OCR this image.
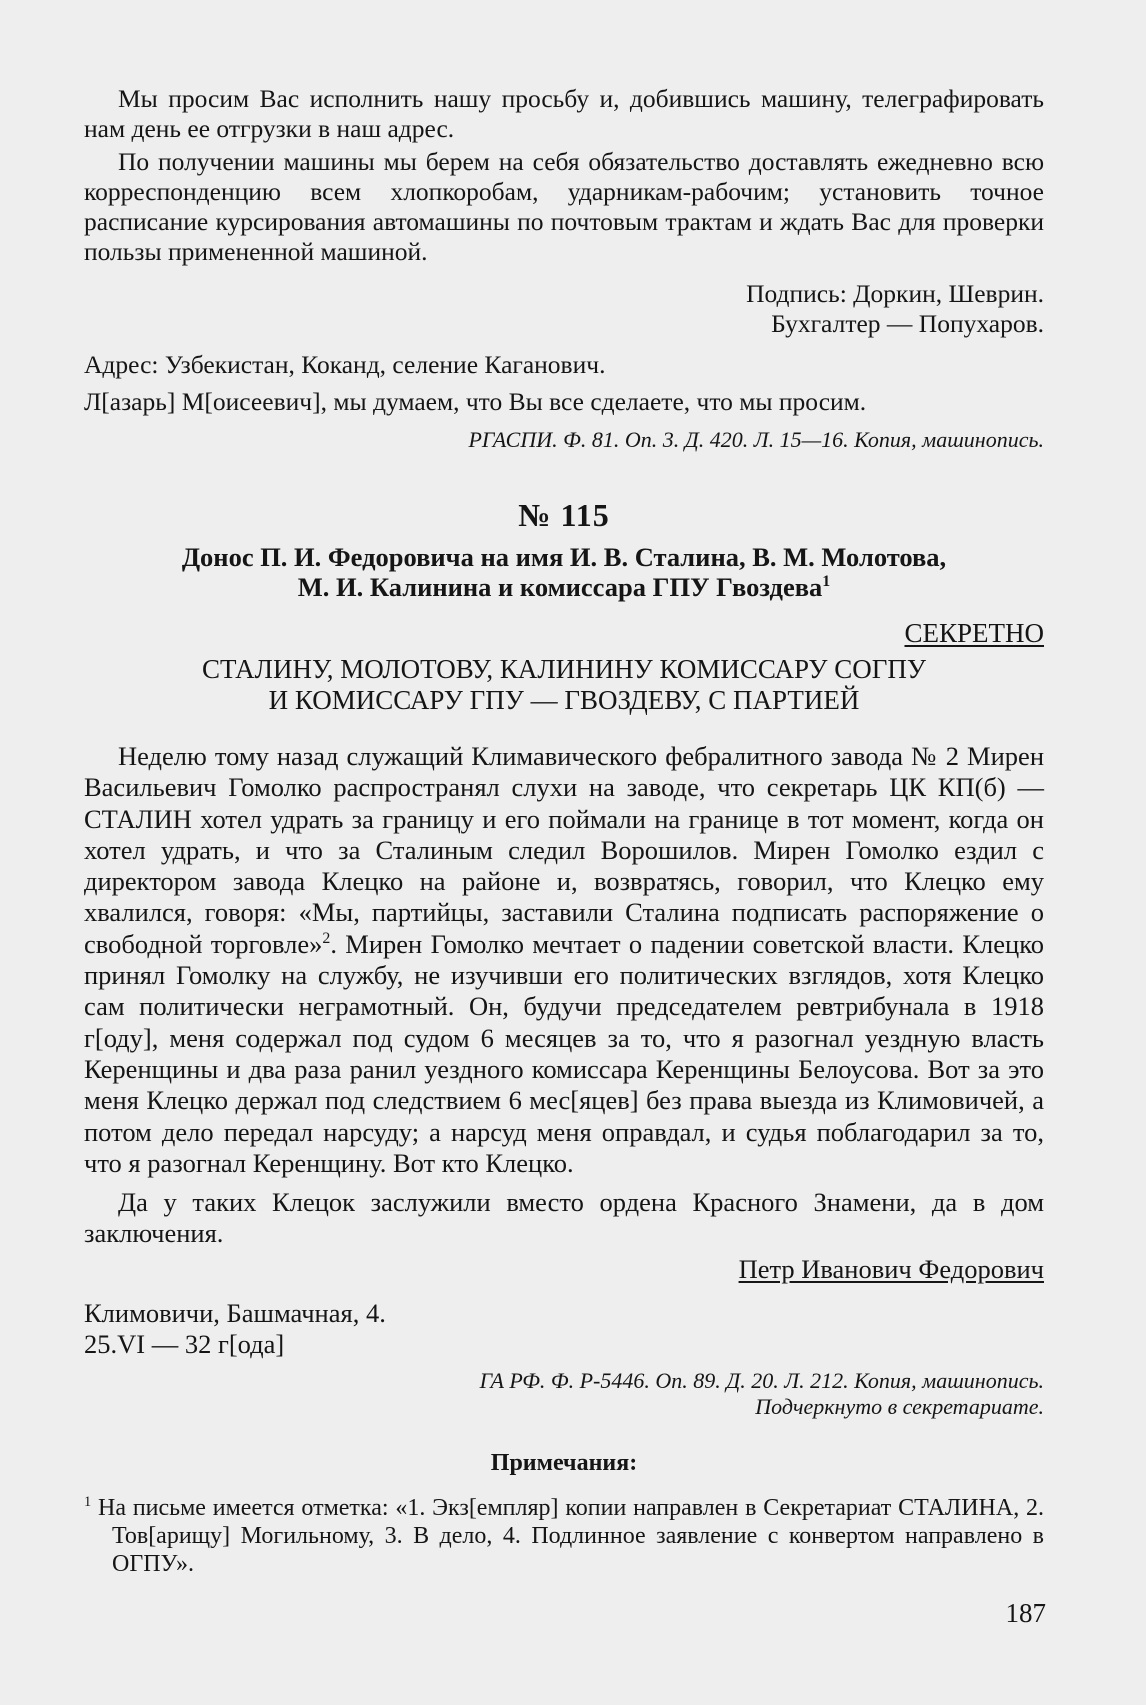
Мы просим Вас исполнить нашу просьбу и, добившись машину, телеграфировать нам день ее отгрузки в наш адрес.

По получении машины мы берем на себя обязательство доставлять ежедневно всю корреспонденцию всем хлопкоробам, ударникам-рабочим; установить точное расписание курсирования автомашины по почтовым трактам и ждать Вас для проверки пользы примененной машиной.

Подпись: Доркин, Шеврин.
Бухгалтер — Попухаров.
Адрес: Узбекистан, Коканд, селение Каганович.
Л[азарь] М[оисеевич], мы думаем, что Вы все сделаете, что мы просим.
РГАСПИ. Ф. 81. Оп. 3. Д. 420. Л. 15—16. Копия, машинопись.
№ 115
Донос П. И. Федоровича на имя И. В. Сталина, В. М. Молотова,
М. И. Калинина и комиссара ГПУ Гвоздева$^1$
СЕКРЕТНО
СТАЛИНУ, МОЛОТОВУ, КАЛИНИНУ КОМИССАРУ СОГПУ
И КОМИССАРУ ГПУ — ГВОЗДЕВУ, С ПАРТИЕЙ

Неделю тому назад служащий Климавического фебралитного завода № 2 Мирен Васильевич Гомолко распространял слухи на заводе, что секретарь ЦК КП(б) — СТАЛИН хотел удрать за границу и его поймали на границе в тот момент, когда он хотел удрать, и что за Сталиным следил Ворошилов. Мирен Гомолко ездил с директором завода Клецко на районе и, возвратясь, говорил, что Клецко ему хвалился, говоря: «Мы, партийцы, заставили Сталина подписать распоряжение о свободной торговле»$^2$. Мирен Гомолко мечтает о падении советской власти. Клецко принял Гомолку на службу, не изучивши его политических взглядов, хотя Клецко сам политически неграмотный. Он, будучи председателем ревтрибунала в 1918 г[оду], меня содержал под судом 6 месяцев за то, что я разогнал уездную власть Керенщины и два раза ранил уездного комиссара Керенщины Белоусова. Вот за это меня Клецко держал под следствием 6 мес[яцев] без права выезда из Климовичей, а потом дело передал нарсуду; а нарсуд меня оправдал, и судья поблагодарил за то, что я разогнал Керенщину. Вот кто Клецко.

Да у таких Клецок заслужили вместо ордена Красного Знамени, да в дом заключения.

Петр Иванович Федорович
Климовичи, Башмачная, 4.
25.VI — 32 г[ода]
ГА РФ. Ф. Р-5446. Оп. 89. Д. 20. Л. 212. Копия, машинопись.
Подчеркнуто в секретариате.
Примечания:
$^1$ На письме имеется отметка: «1. Экз[емпляр] копии направлен в Секретариат СТАЛИНА, 2. Тов[арищу] Могильному, 3. В дело, 4. Подлинное заявление с конвертом направлено в ОГПУ».
187
